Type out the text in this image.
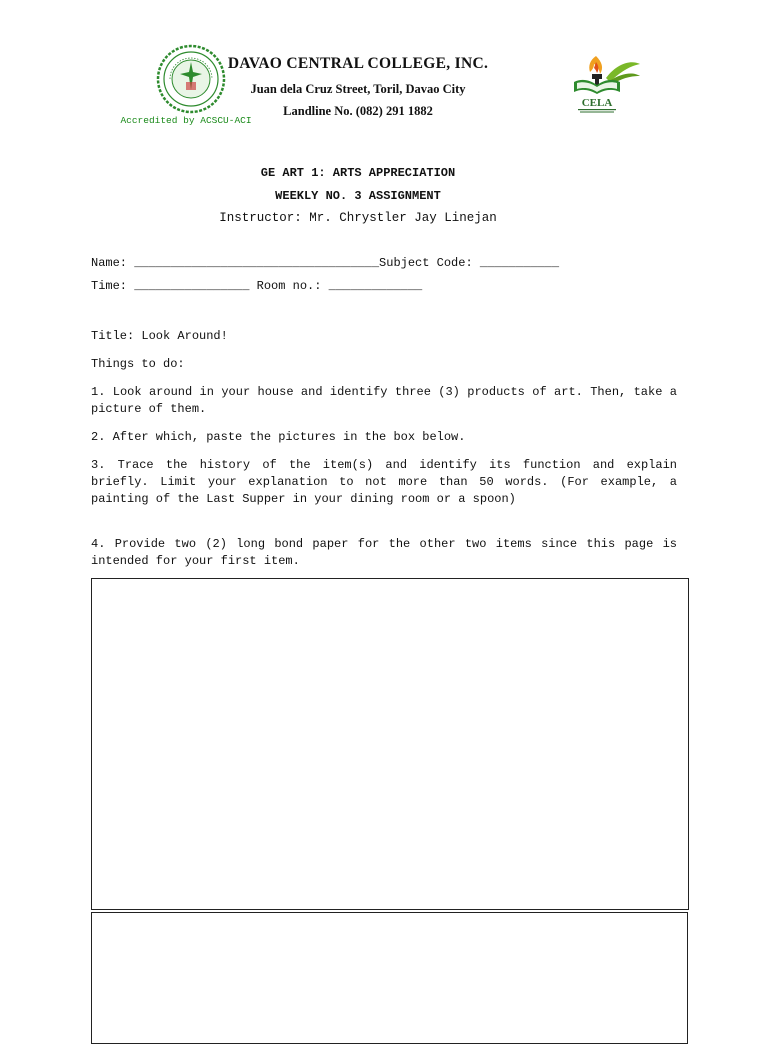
Accredited by ACSCU-ACI
DAVAO CENTRAL COLLEGE, INC.
Juan dela Cruz Street, Toril, Davao City
Landline No. (082) 291 1882
CELA
GE ART 1: ARTS APPRECIATION
WEEKLY NO. 3 ASSIGNMENT
Instructor: Mr. Chrystler Jay Linejan
Name: __________________________________Subject Code: ___________
Time: ________________ Room no.: _____________
Title: Look Around!
Things to do:
1. Look around in your house and identify three (3) products of art. Then, take a picture of them.
2. After which, paste the pictures in the box below.
3. Trace the history of the item(s) and identify its function and explain briefly. Limit your explanation to not more than 50 words. (For example, a painting of the Last Supper in your dining room or a spoon)
4. Provide two (2) long bond paper for the other two items since this page is intended for your first item.
